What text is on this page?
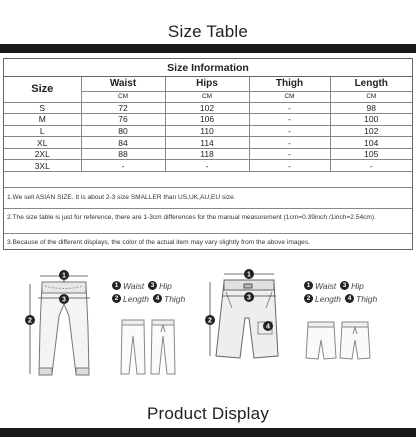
Size Table
Size Information
Size	Waist	Hips	Thigh	Length
	CM	CM	CM	CM
S	72	102	-	98
M	76	106	-	100
L	80	110	-	102
XL	84	114	-	104
2XL	88	118	-	105
3XL	-	-	-	-
1.We sell ASIAN SIZE. It is about 2-3 size SMALLER than US,UK,AU,EU size.
2.The size table is just for reference, there are 1-3cm differences for the manual measurement (1cm=0.39inch /1inch=2.54cm).
3.Because of the different displays, the color of the actual item may vary slightly from the above images.
1
3
2
1 Waist	3 Hip
2 Length	4 Thigh
1
3
2
4
1 Waist	3 Hip
2 Length	4 Thigh
Product Display
